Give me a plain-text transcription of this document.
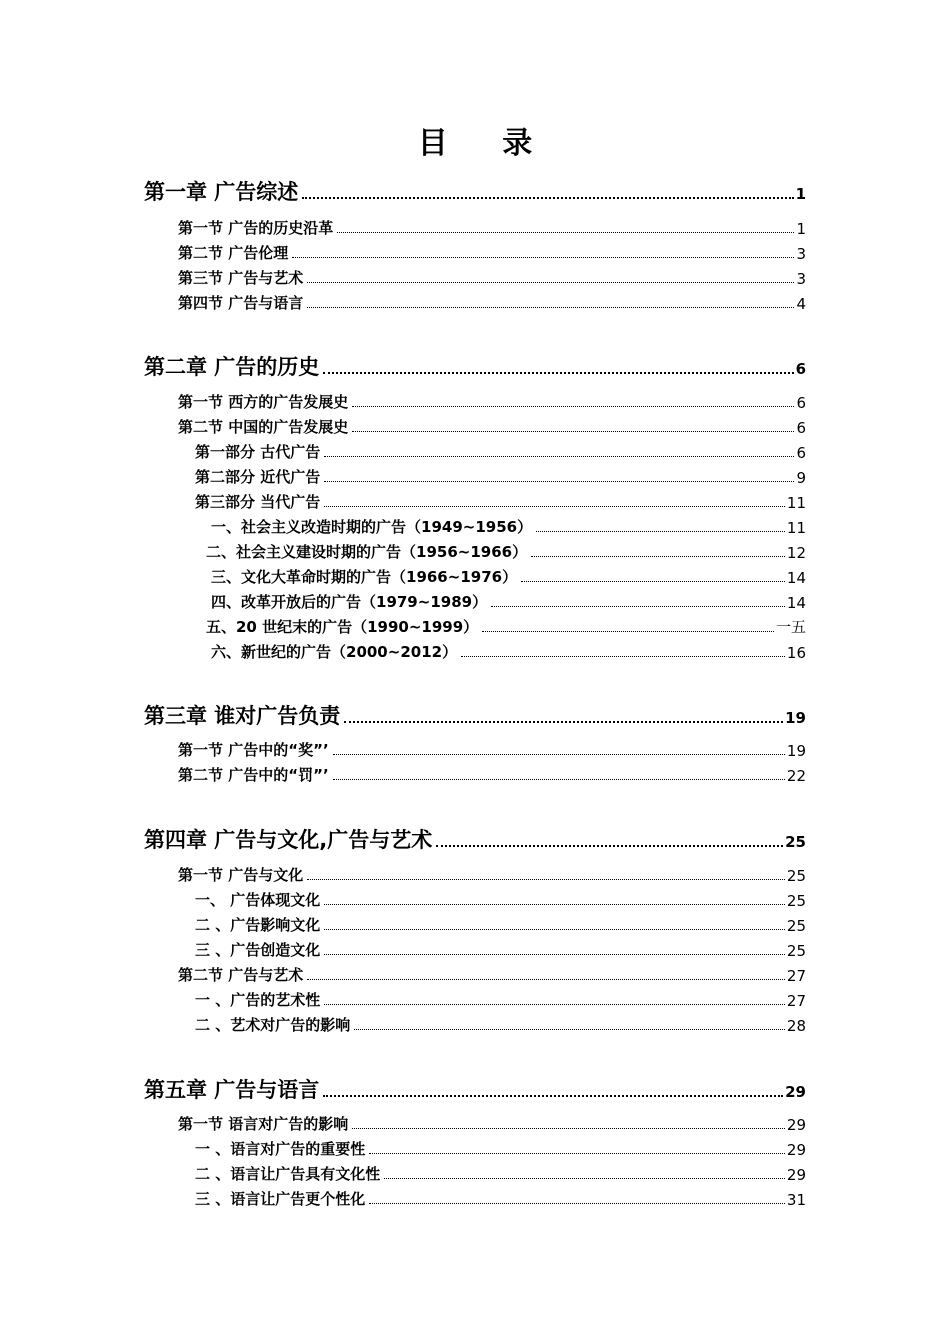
目 录
第一章 广告综述	1
第一节 广告的历史沿革	1
第二节 广告伦理	3
第三节 广告与艺术	3
第四节 广告与语言	4
第二章 广告的历史	6
第一节 西方的广告发展史	6
第二节 中国的广告发展史	6
第一部分 古代广告	6
第二部分 近代广告	9
第三部分 当代广告	11
一、社会主义改造时期的广告（1949~1956）	11
二、社会主义建设时期的广告（1956~1966）	12
三、文化大革命时期的广告（1966~1976）	14
四、改革开放后的广告（1979~1989）	14
五、20 世纪末的广告（1990~1999）	一五
六、新世纪的广告（2000~2012）	16
第三章 谁对广告负责	19
第一节 广告中的“奖”’	19
第二节 广告中的“罚”’	22
第四章 广告与文化,广告与艺术	25
第一节 广告与文化	25
一、 广告体现文化	25
二 、广告影响文化	25
三 、广告创造文化	25
第二节 广告与艺术	27
一 、广告的艺术性	27
二 、艺术对广告的影响	28
第五章 广告与语言	29
第一节 语言对广告的影响	29
一 、语言对广告的重要性	29
二 、语言让广告具有文化性	29
三 、语言让广告更个性化	31
